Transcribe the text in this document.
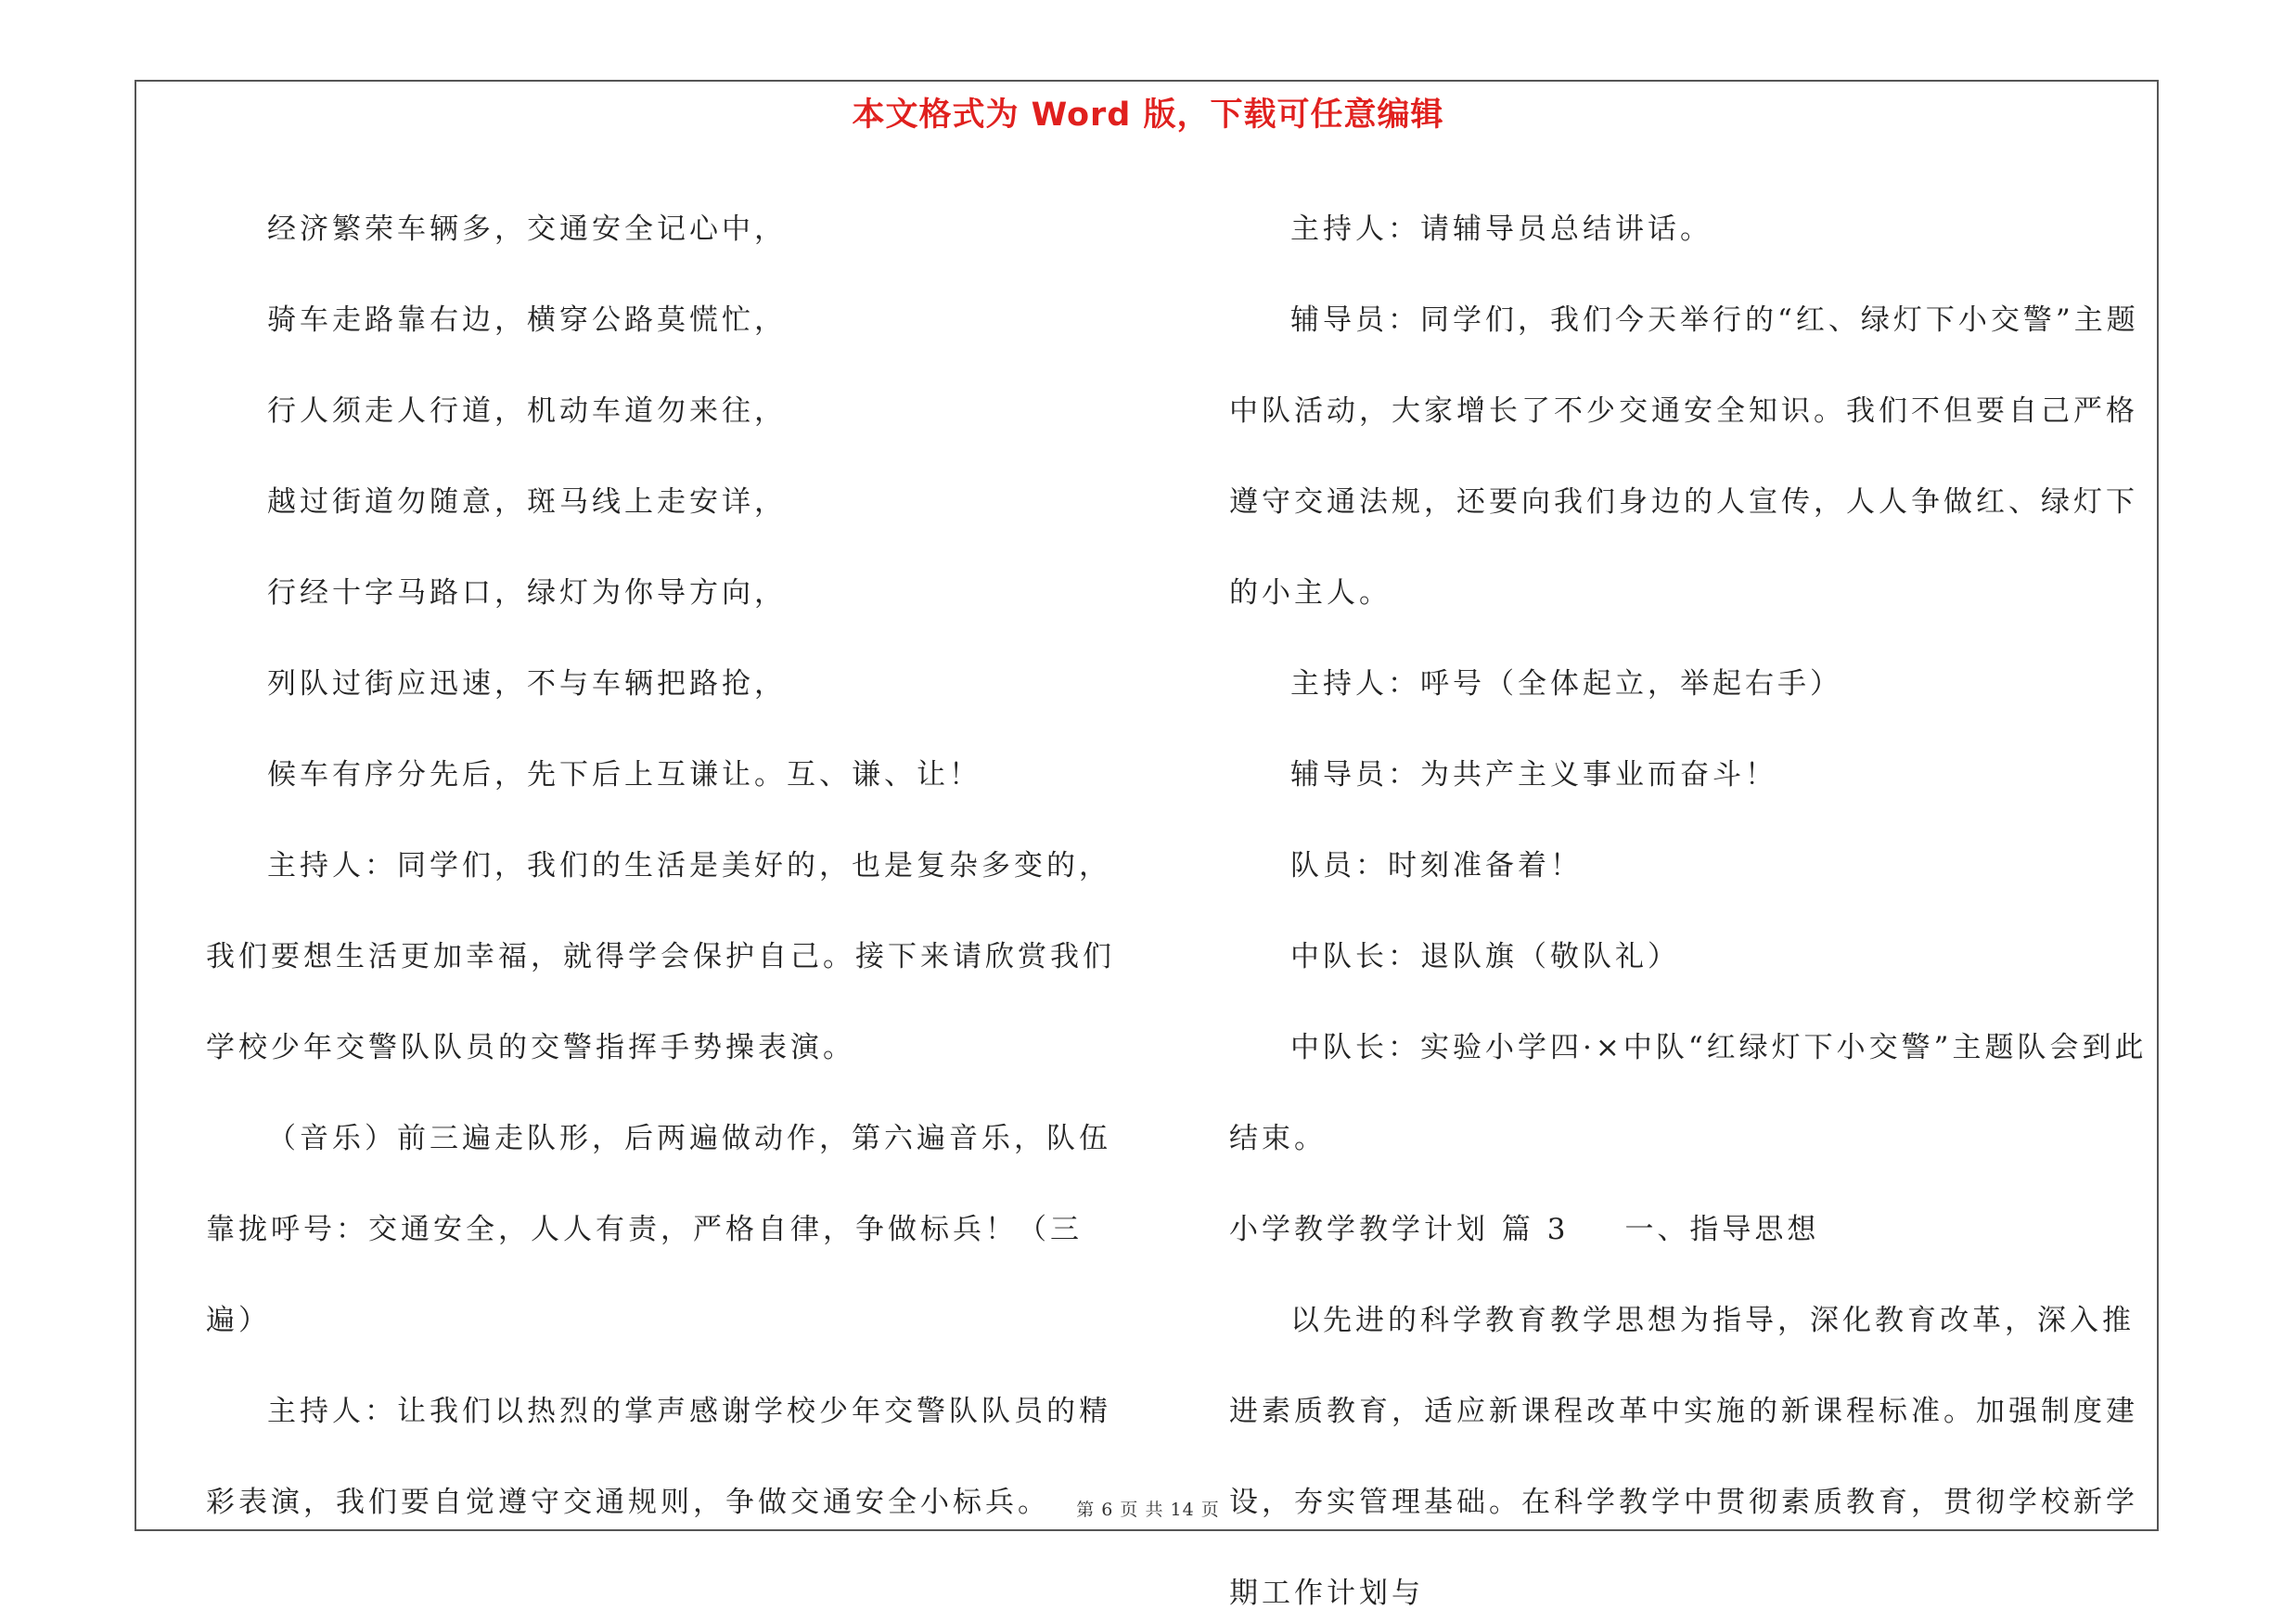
本文格式为 Word 版，下载可任意编辑

经济繁荣车辆多，交通安全记心中，

骑车走路靠右边，横穿公路莫慌忙，

行人须走人行道，机动车道勿来往，

越过街道勿随意，斑马线上走安详，

行经十字马路口，绿灯为你导方向，

列队过街应迅速，不与车辆把路抢，

候车有序分先后，先下后上互谦让。互、谦、让！

主持人：同学们，我们的生活是美好的，也是复杂多变的，我们要想生活更加幸福，就得学会保护自己。接下来请欣赏我们学校少年交警队队员的交警指挥手势操表演。

（音乐）前三遍走队形，后两遍做动作，第六遍音乐，队伍靠拢呼号：交通安全，人人有责，严格自律，争做标兵！（三遍）

主持人：让我们以热烈的掌声感谢学校少年交警队队员的精彩表演，我们要自觉遵守交通规则，争做交通安全小标兵。

主持人：请辅导员总结讲话。

辅导员：同学们，我们今天举行的“红、绿灯下小交警”主题中队活动，大家增长了不少交通安全知识。我们不但要自己严格遵守交通法规，还要向我们身边的人宣传，人人争做红、绿灯下的小主人。

主持人：呼号（全体起立，举起右手）

辅导员：为共产主义事业而奋斗！

队员：时刻准备着！

中队长：退队旗（敬队礼）

中队长：实验小学四·×中队“红绿灯下小交警”主题队会到此结束。

小学教学教学计划 篇 3 一、指导思想

以先进的科学教育教学思想为指导，深化教育改革，深入推进素质教育，适应新课程改革中实施的新课程标准。加强制度建设，夯实管理基础。在科学教学中贯彻素质教育，贯彻学校新学期工作计划与

第 6 页 共 14 页
